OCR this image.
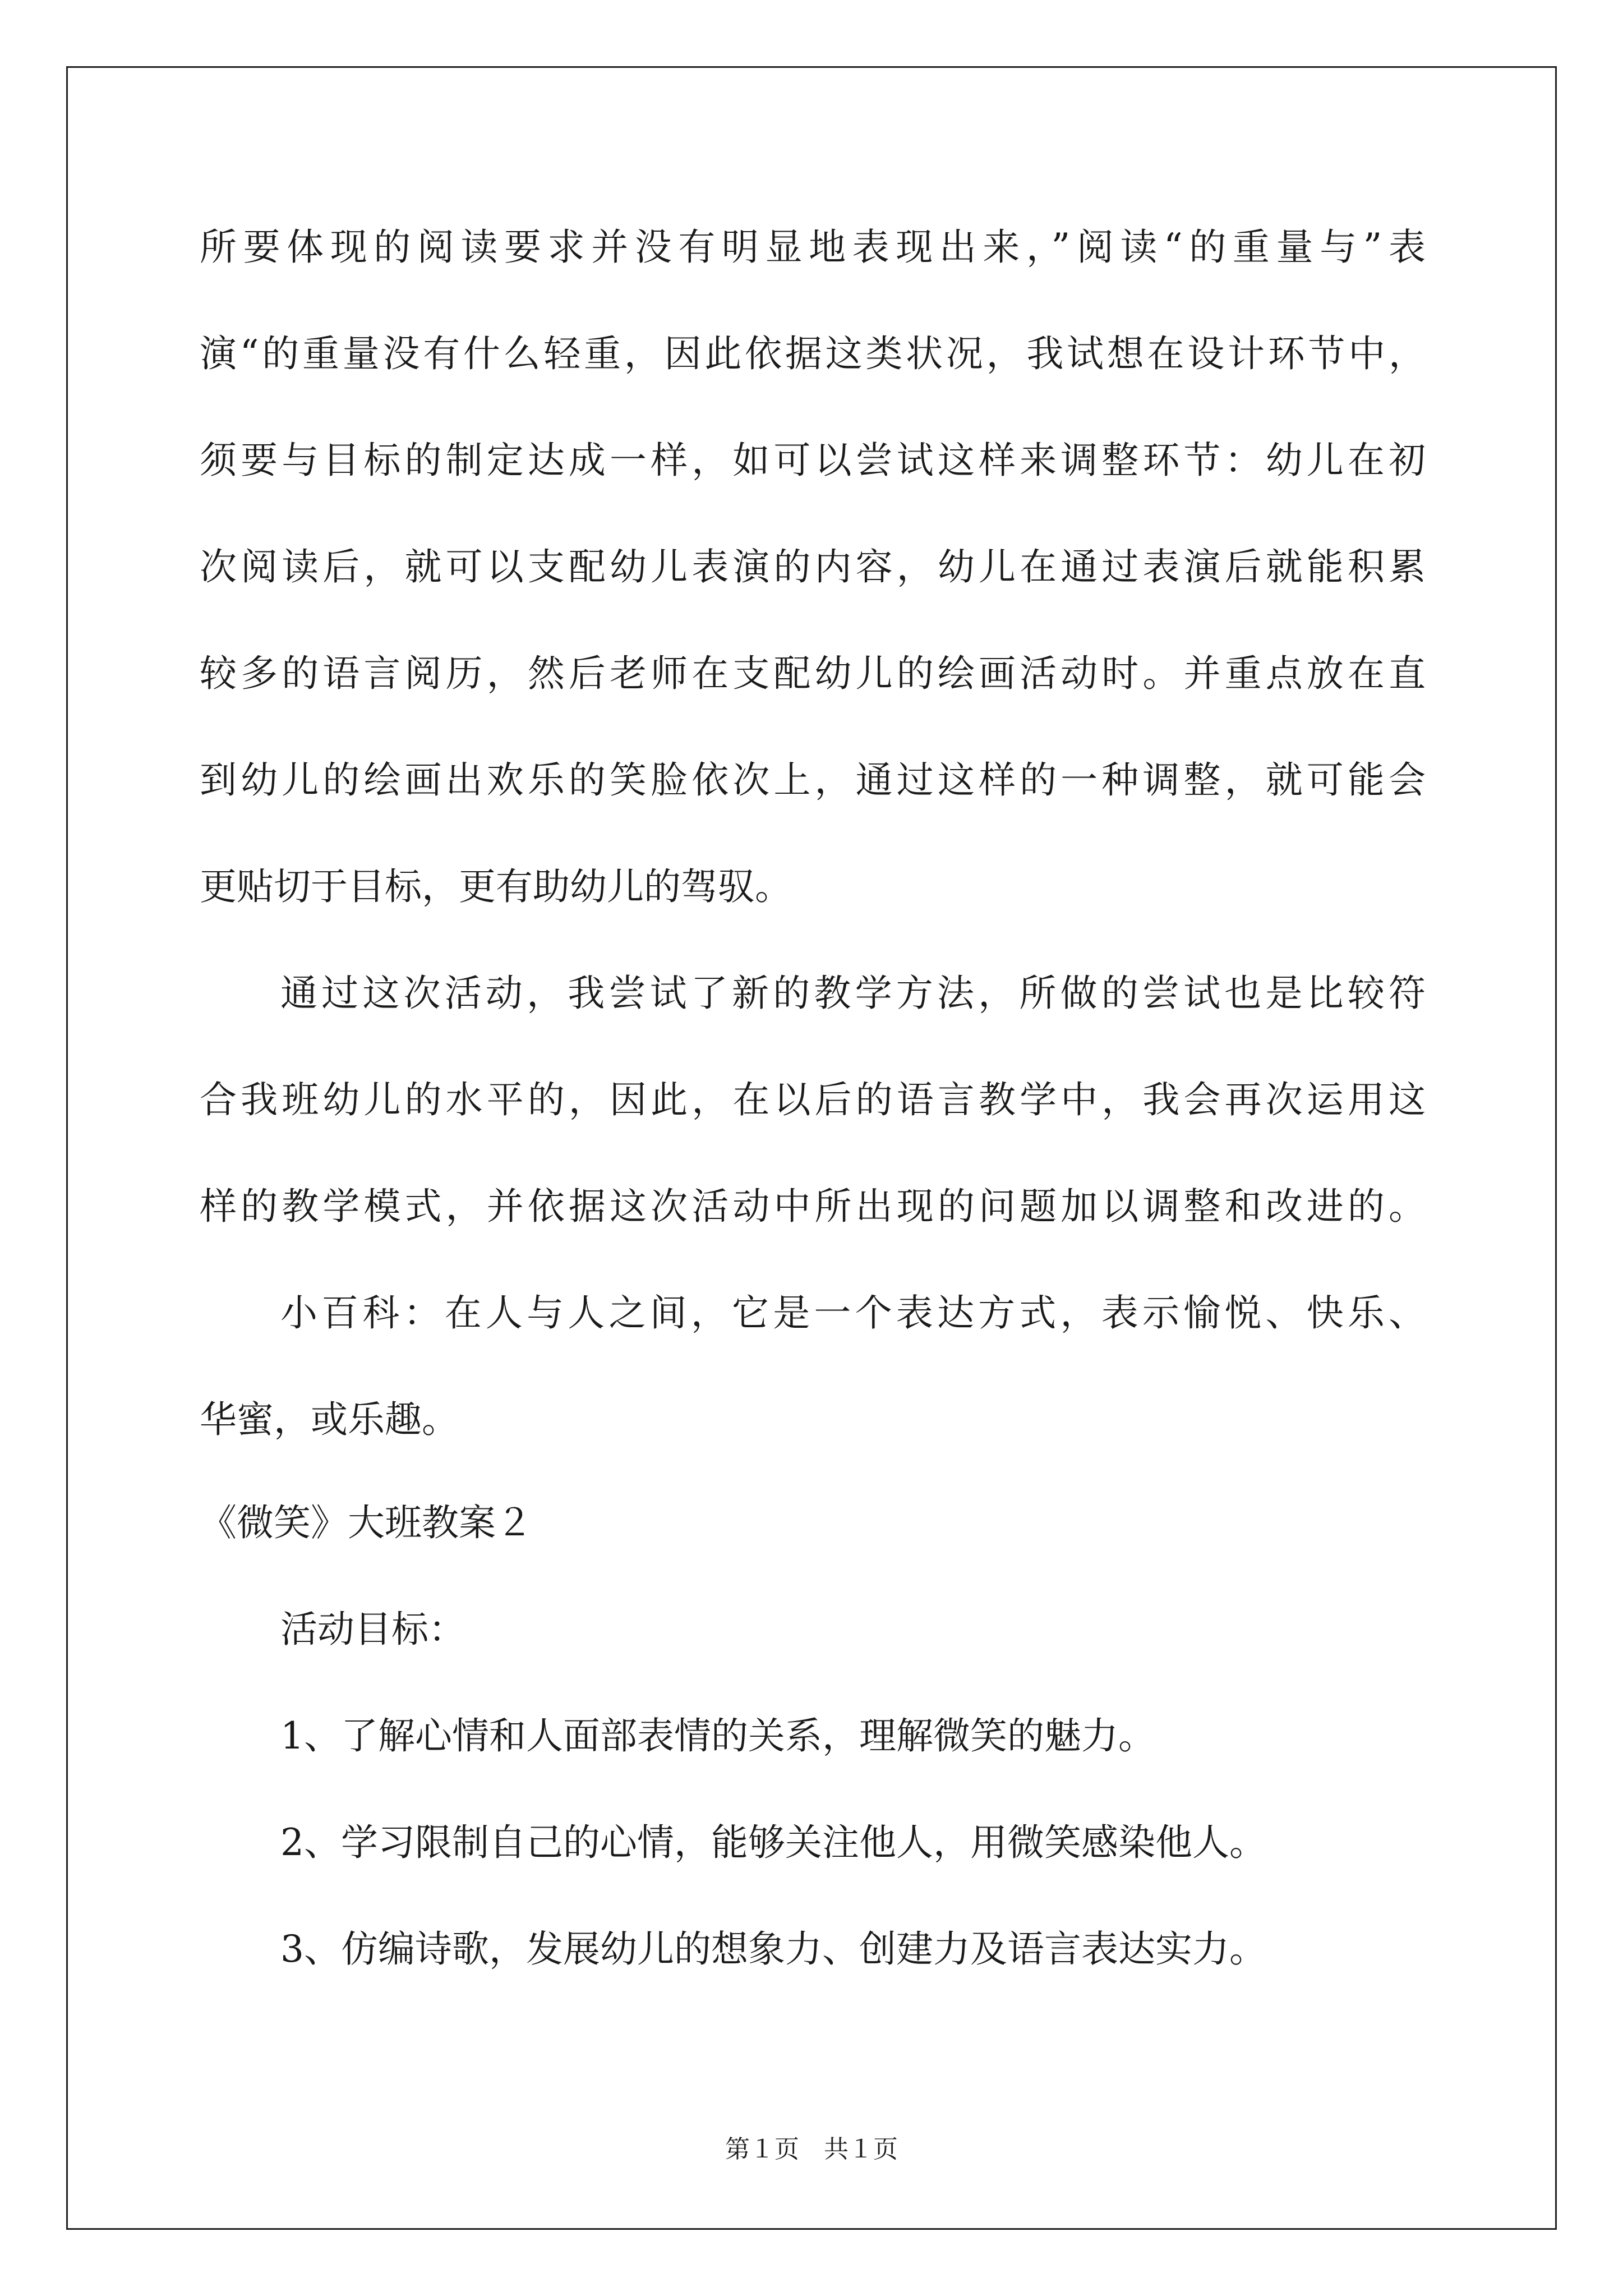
所要体现的阅读要求并没有明显地表现出来，”阅读“的重量与”表
演“的重量没有什么轻重，因此依据这类状况，我试想在设计环节中，
须要与目标的制定达成一样，如可以尝试这样来调整环节：幼儿在初
次阅读后，就可以支配幼儿表演的内容，幼儿在通过表演后就能积累
较多的语言阅历，然后老师在支配幼儿的绘画活动时。并重点放在直
到幼儿的绘画出欢乐的笑脸依次上，通过这样的一种调整，就可能会
更贴切于目标，更有助幼儿的驾驭。
通过这次活动，我尝试了新的教学方法，所做的尝试也是比较符
合我班幼儿的水平的，因此，在以后的语言教学中，我会再次运用这
样的教学模式，并依据这次活动中所出现的问题加以调整和改进的。
小百科：在人与人之间，它是一个表达方式，表示愉悦、快乐、
华蜜，或乐趣。
《微笑》大班教案２
活动目标：
1、了解心情和人面部表情的关系，理解微笑的魅力。
2、学习限制自己的心情，能够关注他人，用微笑感染他人。
3、仿编诗歌，发展幼儿的想象力、创建力及语言表达实力。
第１页　共１页
